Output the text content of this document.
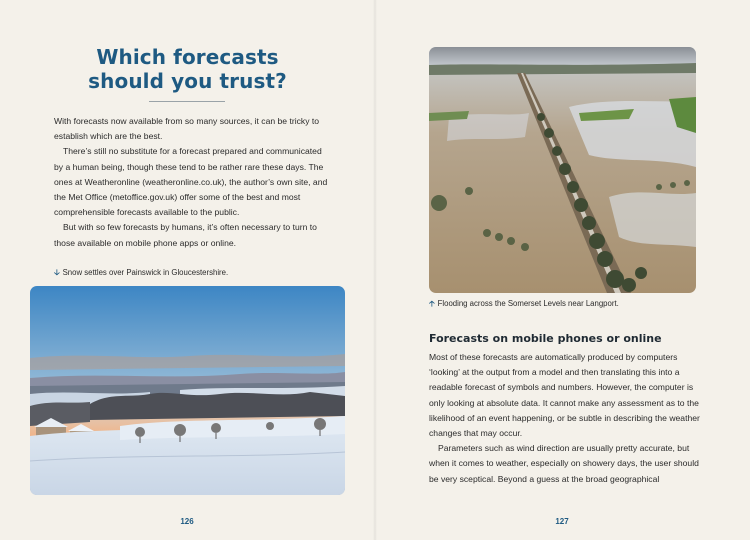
Which forecasts
should you trust?

With forecasts now available from so many sources, it can be tricky to establish which are the best.

There’s still no substitute for a forecast prepared and communicated by a human being, though these tend to be rather rare these days. The ones at Weatheronline (weatheronline.co.uk), the author’s own site, and the Met Office (metoffice.gov.uk) offer some of the best and most comprehensible forecasts available to the public.

But with so few forecasts by humans, it’s often necessary to turn to those available on mobile phone apps or online.

🡣 Snow settles over Painswick in Gloucestershire.
126
🡡 Flooding across the Somerset Levels near Langport.
Forecasts on mobile phones or online

Most of these forecasts are automatically produced by computers ‘looking’ at the output from a model and then translating this into a readable forecast of symbols and numbers. However, the computer is only looking at absolute data. It cannot make any assessment as to the likelihood of an event happening, or be subtle in describing the weather changes that may occur.

Parameters such as wind direction are usually pretty accurate, but when it comes to weather, especially on showery days, the user should be very sceptical. Beyond a guess at the broad geographical

127
